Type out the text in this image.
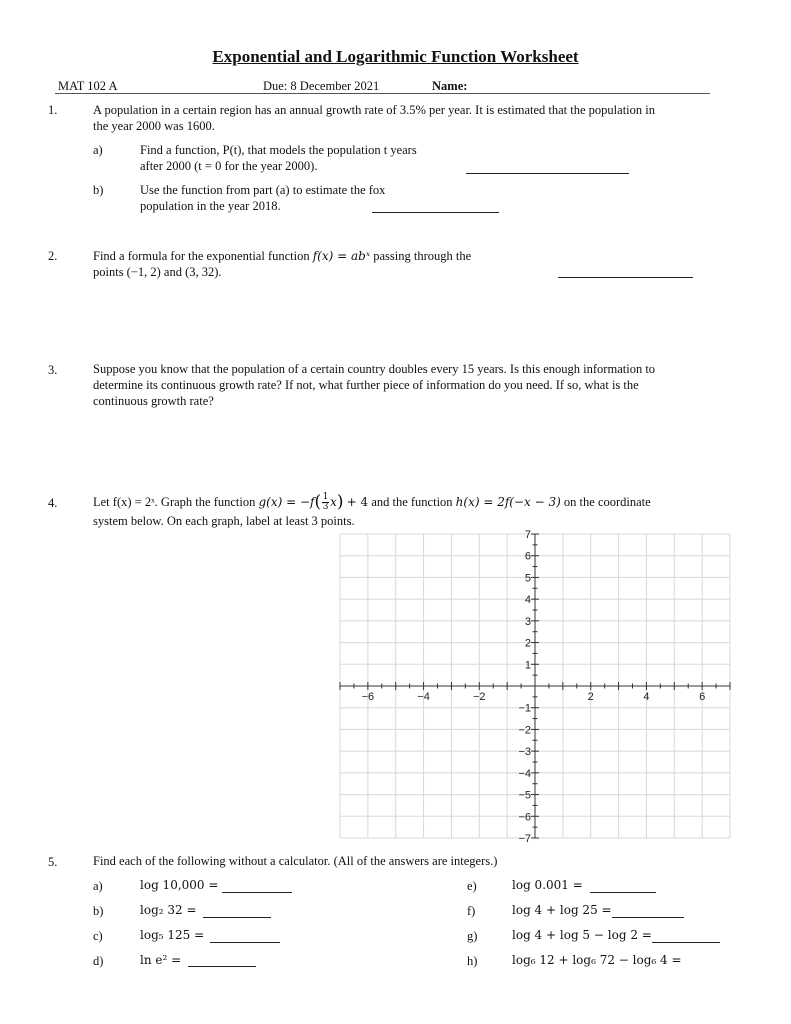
Exponential and Logarithmic Function Worksheet
MAT 102 A	Due: 8 December 2021	Name:
1.	A population in a certain region has an annual growth rate of 3.5% per year. It is estimated that the population in
the year 2000 was 1600.
a)	Find a function, P(t), that models the population t years
after 2000 (t = 0 for the year 2000).
b)	Use the function from part (a) to estimate the fox
population in the year 2018.
2.	Find a formula for the exponential function f(x) = abˣ passing through the
points (−1, 2) and (3, 32).
3.	Suppose you know that the population of a certain country doubles every 15 years. Is this enough information to
determine its continuous growth rate? If not, what further piece of information do you need. If so, what is the
continuous growth rate?
4.	Let f(x) = 2ˣ. Graph the function
g(x) = −f ( 1
3 x )
+ 4
and the function
h(x) = 2f(−x − 3)
on the coordinate
system below. On each graph, label at least 3 points.
−6	−4	−2	2	4	6
7
6
5
4
3
2
1
−1
−2
−3
−4
−5
−6
−7
5.	Find each of the following without a calculator. (All of the answers are integers.)
a)	log 10,000 =
b)	log₂ 32 =
c)	log₅ 125 =
d)	ln e² =
e)	log 0.001 =
f)	log 4 + log 25 =
g)	log 4 + log 5 − log 2 =
h)	log₆ 12 + log₆ 72 − log₆ 4 =
